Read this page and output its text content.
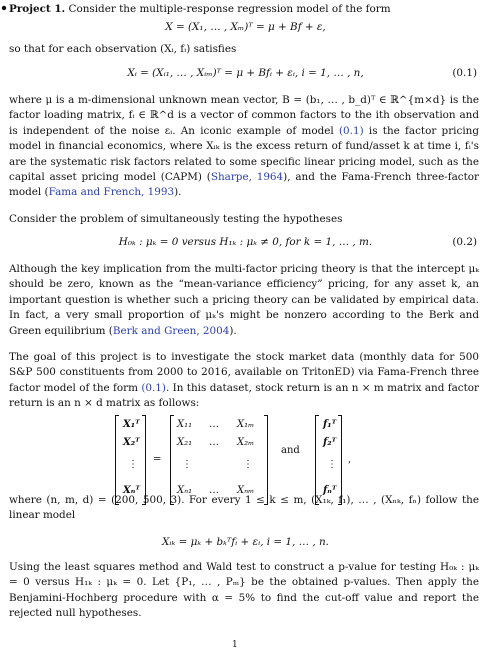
Project 1. Consider the multiple-response regression model of the form

X = (X₁, … , Xₘ)ᵀ = μ + Bf + ε,

so that for each observation (Xᵢ, fᵢ) satisfies

Xᵢ = (Xᵢ₁, … , Xᵢₘ)ᵀ = μ + Bfᵢ + εᵢ, i = 1, … , n,	(0.1)

where μ is a m-dimensional unknown mean vector, B = (b₁, … , b_d)ᵀ ∈ ℝ^{m×d} is the factor loading matrix, fᵢ ∈ ℝ^d is a vector of common factors to the ith observation and is independent of the noise εᵢ. An iconic example of model (0.1) is the factor pricing model in financial economics, where Xᵢₖ is the excess return of fund/asset k at time i, fᵢ's are the systematic risk factors related to some specific linear pricing model, such as the capital asset pricing model (CAPM) (Sharpe, 1964), and the Fama-French three-factor model (Fama and French, 1993).

Consider the problem of simultaneously testing the hypotheses

H₀ₖ : μₖ = 0 versus H₁ₖ : μₖ ≠ 0, for k = 1, … , m.	(0.2)

Although the key implication from the multi-factor pricing theory is that the intercept μₖ should be zero, known as the “mean-variance efficiency” pricing, for any asset k, an important question is whether such a pricing theory can be validated by empirical data. In fact, a very small proportion of μₖ's might be nonzero according to the Berk and Green equilibrium (Berk and Green, 2004).

The goal of this project is to investigate the stock market data (monthly data for 500 S&P 500 constituents from 2000 to 2016, available on TritonED) via Fama-French three factor model of the form (0.1). In this dataset, stock return is an n × m matrix and factor return is an n × d matrix as follows:

X₁ᵀ
X₂ᵀ
⋮
Xₙᵀ
=
X₁₁ … X₁ₘ
X₂₁ … X₂ₘ
⋮	⋮
Xₙ₁ … Xₙₘ
and
f₁ᵀ
f₂ᵀ
⋮
fₙᵀ
,

where (n, m, d) = (200, 500, 3). For every 1 ≤ k ≤ m, (X₁ₖ, f₁), … , (Xₙₖ, fₙ) follow the linear model

Xᵢₖ = μₖ + bₖᵀfᵢ + εᵢ, i = 1, … , n.

Using the least squares method and Wald test to construct a p-value for testing H₀ₖ : μₖ = 0 versus H₁ₖ : μₖ = 0. Let {P₁, … , Pₘ} be the obtained p-values. Then apply the Benjamini-Hochberg procedure with α = 5% to find the cut-off value and report the rejected null hypotheses.

1
